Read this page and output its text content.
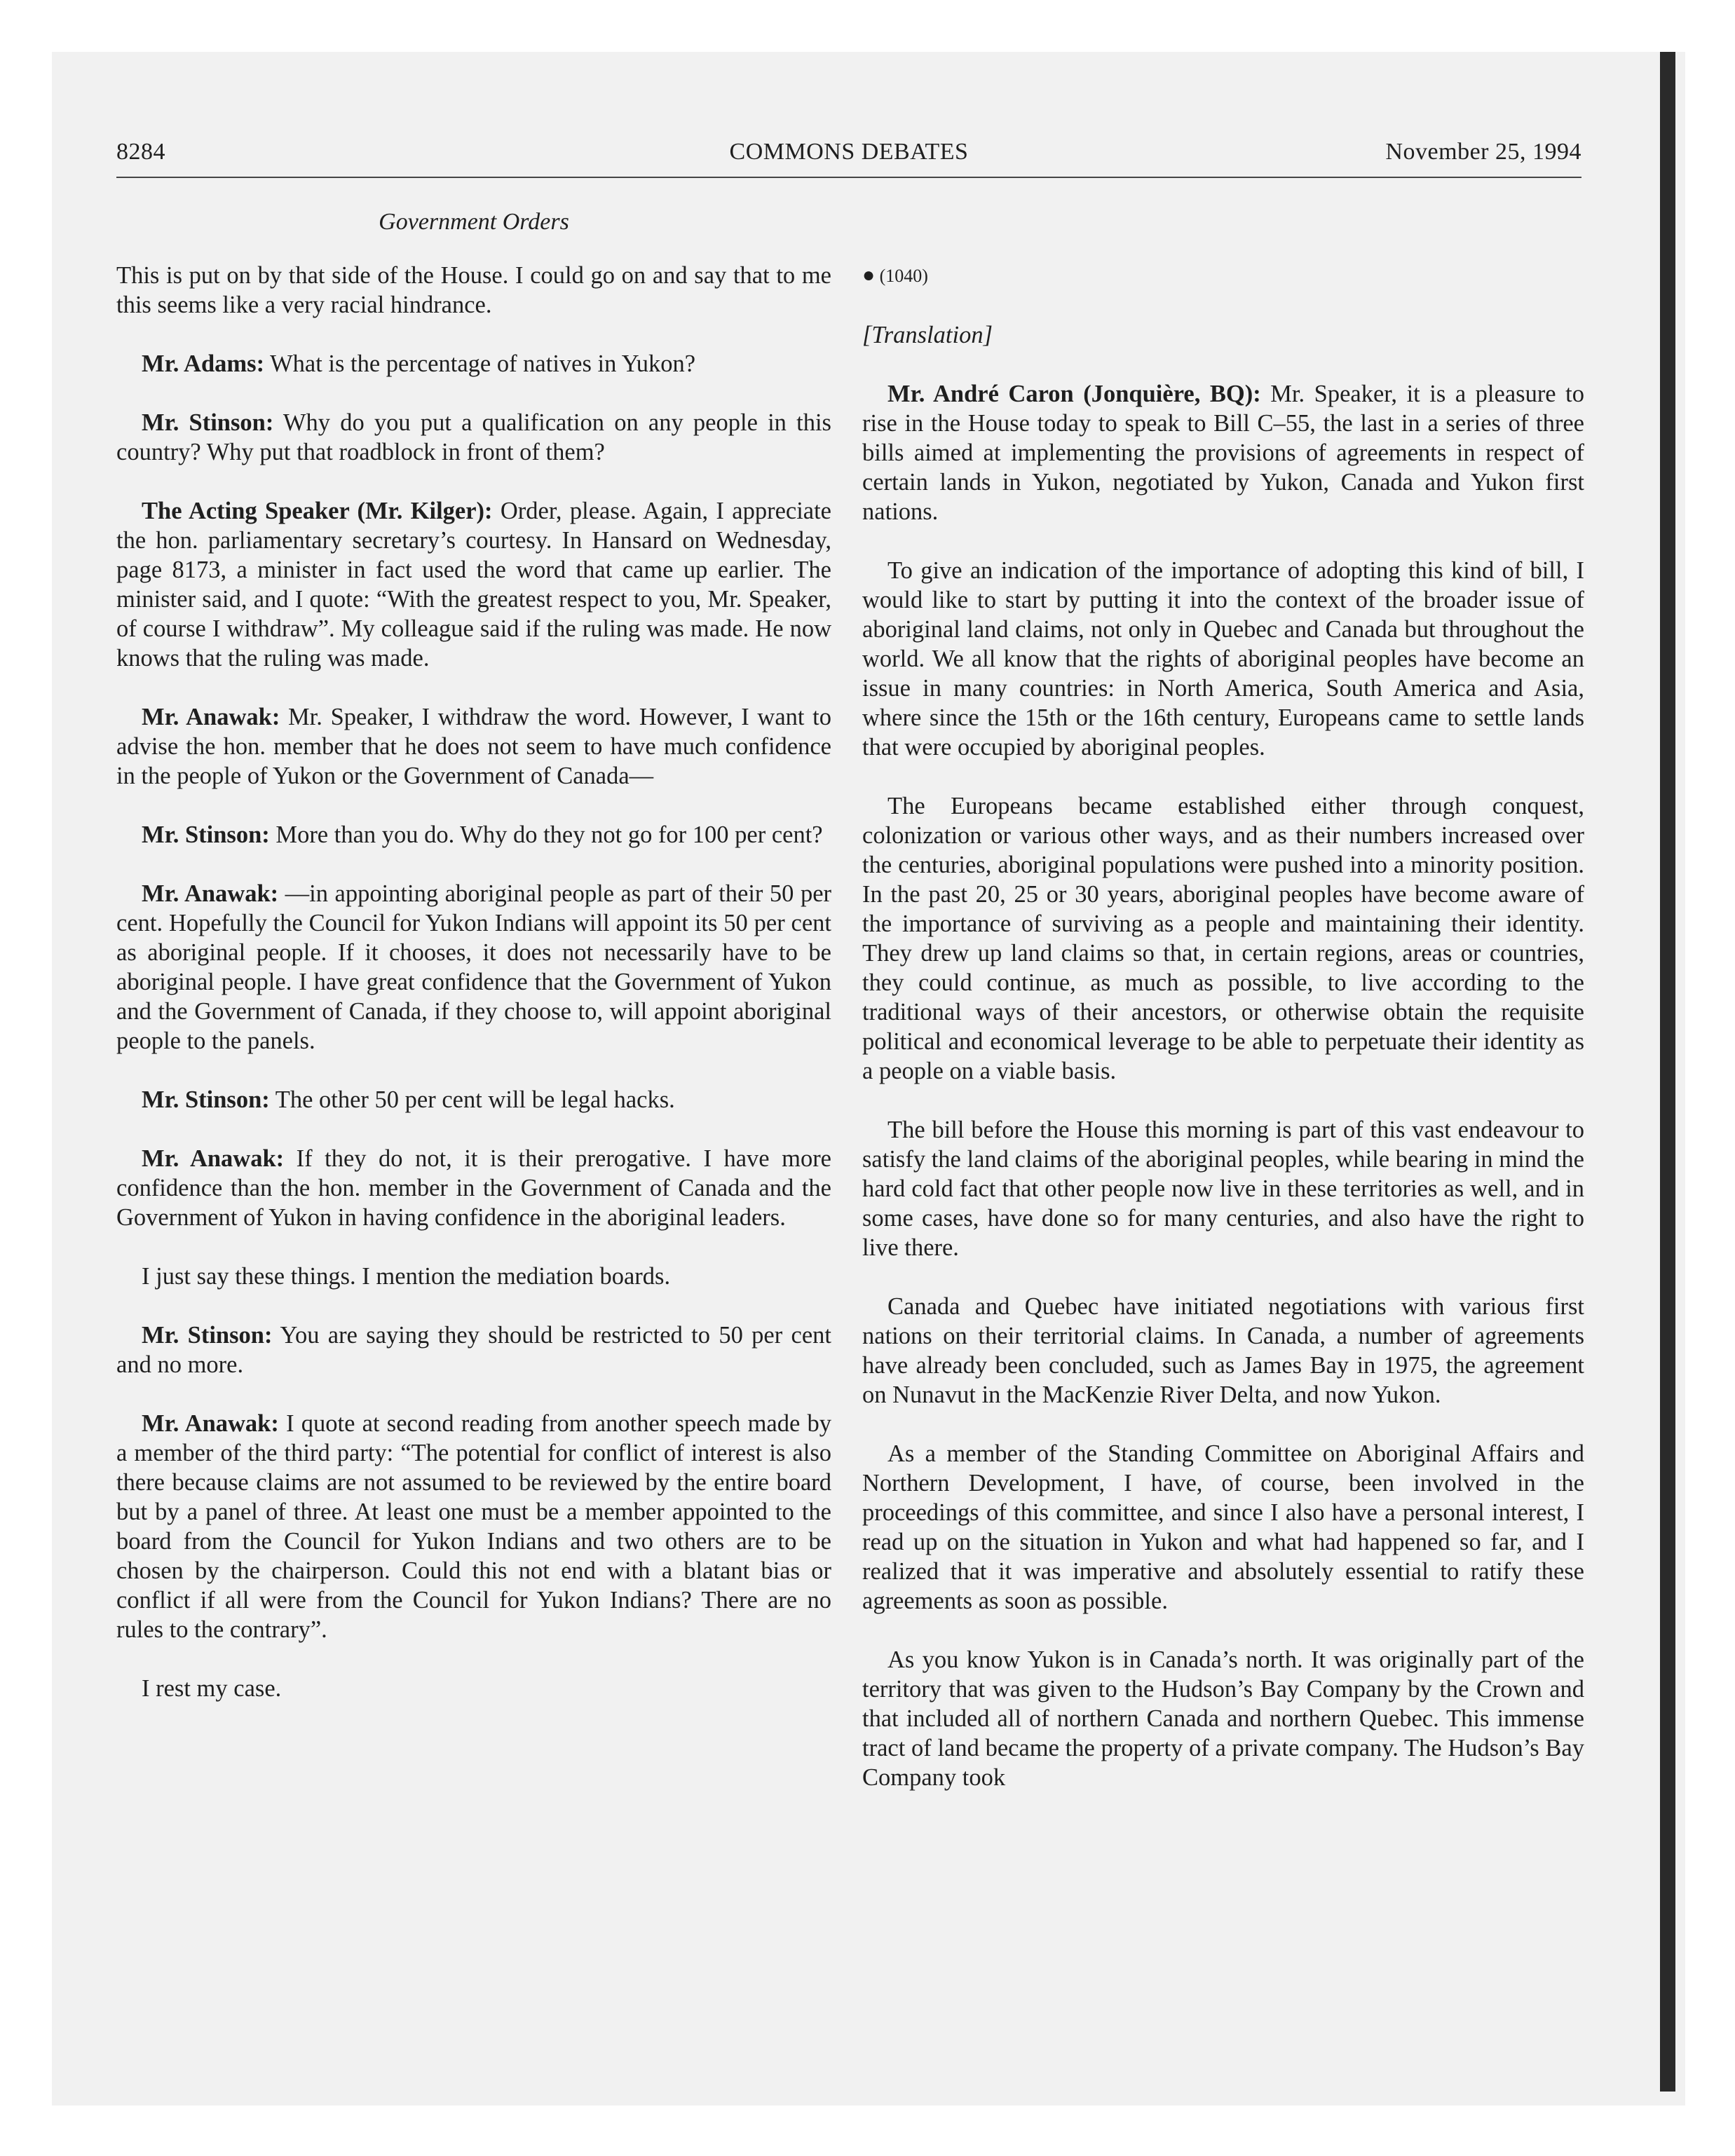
8284	COMMONS DEBATES	November 25, 1994
Government Orders

This is put on by that side of the House. I could go on and say that to me this seems like a very racial hindrance.

Mr. Adams: What is the percentage of natives in Yukon?

Mr. Stinson: Why do you put a qualification on any people in this country? Why put that roadblock in front of them?

The Acting Speaker (Mr. Kilger): Order, please. Again, I appreciate the hon. parliamentary secretary’s courtesy. In Hansard on Wednesday, page 8173, a minister in fact used the word that came up earlier. The minister said, and I quote: “With the greatest respect to you, Mr. Speaker, of course I withdraw”. My colleague said if the ruling was made. He now knows that the ruling was made.

Mr. Anawak: Mr. Speaker, I withdraw the word. However, I want to advise the hon. member that he does not seem to have much confidence in the people of Yukon or the Government of Canada—

Mr. Stinson: More than you do. Why do they not go for 100 per cent?

Mr. Anawak: —in appointing aboriginal people as part of their 50 per cent. Hopefully the Council for Yukon Indians will appoint its 50 per cent as aboriginal people. If it chooses, it does not necessarily have to be aboriginal people. I have great confidence that the Government of Yukon and the Government of Canada, if they choose to, will appoint aboriginal people to the panels.

Mr. Stinson: The other 50 per cent will be legal hacks.

Mr. Anawak: If they do not, it is their prerogative. I have more confidence than the hon. member in the Government of Canada and the Government of Yukon in having confidence in the aboriginal leaders.

I just say these things. I mention the mediation boards.

Mr. Stinson: You are saying they should be restricted to 50 per cent and no more.

Mr. Anawak: I quote at second reading from another speech made by a member of the third party: “The potential for conflict of interest is also there because claims are not assumed to be reviewed by the entire board but by a panel of three. At least one must be a member appointed to the board from the Council for Yukon Indians and two others are to be chosen by the chairperson. Could this not end with a blatant bias or conflict if all were from the Council for Yukon Indians? There are no rules to the contrary”.

I rest my case.

● (1040)
[Translation]

Mr. André Caron (Jonquière, BQ): Mr. Speaker, it is a pleasure to rise in the House today to speak to Bill C–55, the last in a series of three bills aimed at implementing the provisions of agreements in respect of certain lands in Yukon, negotiated by Yukon, Canada and Yukon first nations.

To give an indication of the importance of adopting this kind of bill, I would like to start by putting it into the context of the broader issue of aboriginal land claims, not only in Quebec and Canada but throughout the world. We all know that the rights of aboriginal peoples have become an issue in many countries: in North America, South America and Asia, where since the 15th or the 16th century, Europeans came to settle lands that were occupied by aboriginal peoples.

The Europeans became established either through conquest, colonization or various other ways, and as their numbers increased over the centuries, aboriginal populations were pushed into a minority position. In the past 20, 25 or 30 years, aboriginal peoples have become aware of the importance of surviving as a people and maintaining their identity. They drew up land claims so that, in certain regions, areas or countries, they could continue, as much as possible, to live according to the traditional ways of their ancestors, or otherwise obtain the requisite political and economical leverage to be able to perpetuate their identity as a people on a viable basis.

The bill before the House this morning is part of this vast endeavour to satisfy the land claims of the aboriginal peoples, while bearing in mind the hard cold fact that other people now live in these territories as well, and in some cases, have done so for many centuries, and also have the right to live there.

Canada and Quebec have initiated negotiations with various first nations on their territorial claims. In Canada, a number of agreements have already been concluded, such as James Bay in 1975, the agreement on Nunavut in the MacKenzie River Delta, and now Yukon.

As a member of the Standing Committee on Aboriginal Affairs and Northern Development, I have, of course, been involved in the proceedings of this committee, and since I also have a personal interest, I read up on the situation in Yukon and what had happened so far, and I realized that it was imperative and absolutely essential to ratify these agreements as soon as possible.

As you know Yukon is in Canada’s north. It was originally part of the territory that was given to the Hudson’s Bay Company by the Crown and that included all of northern Canada and northern Quebec. This immense tract of land became the property of a private company. The Hudson’s Bay Company took
